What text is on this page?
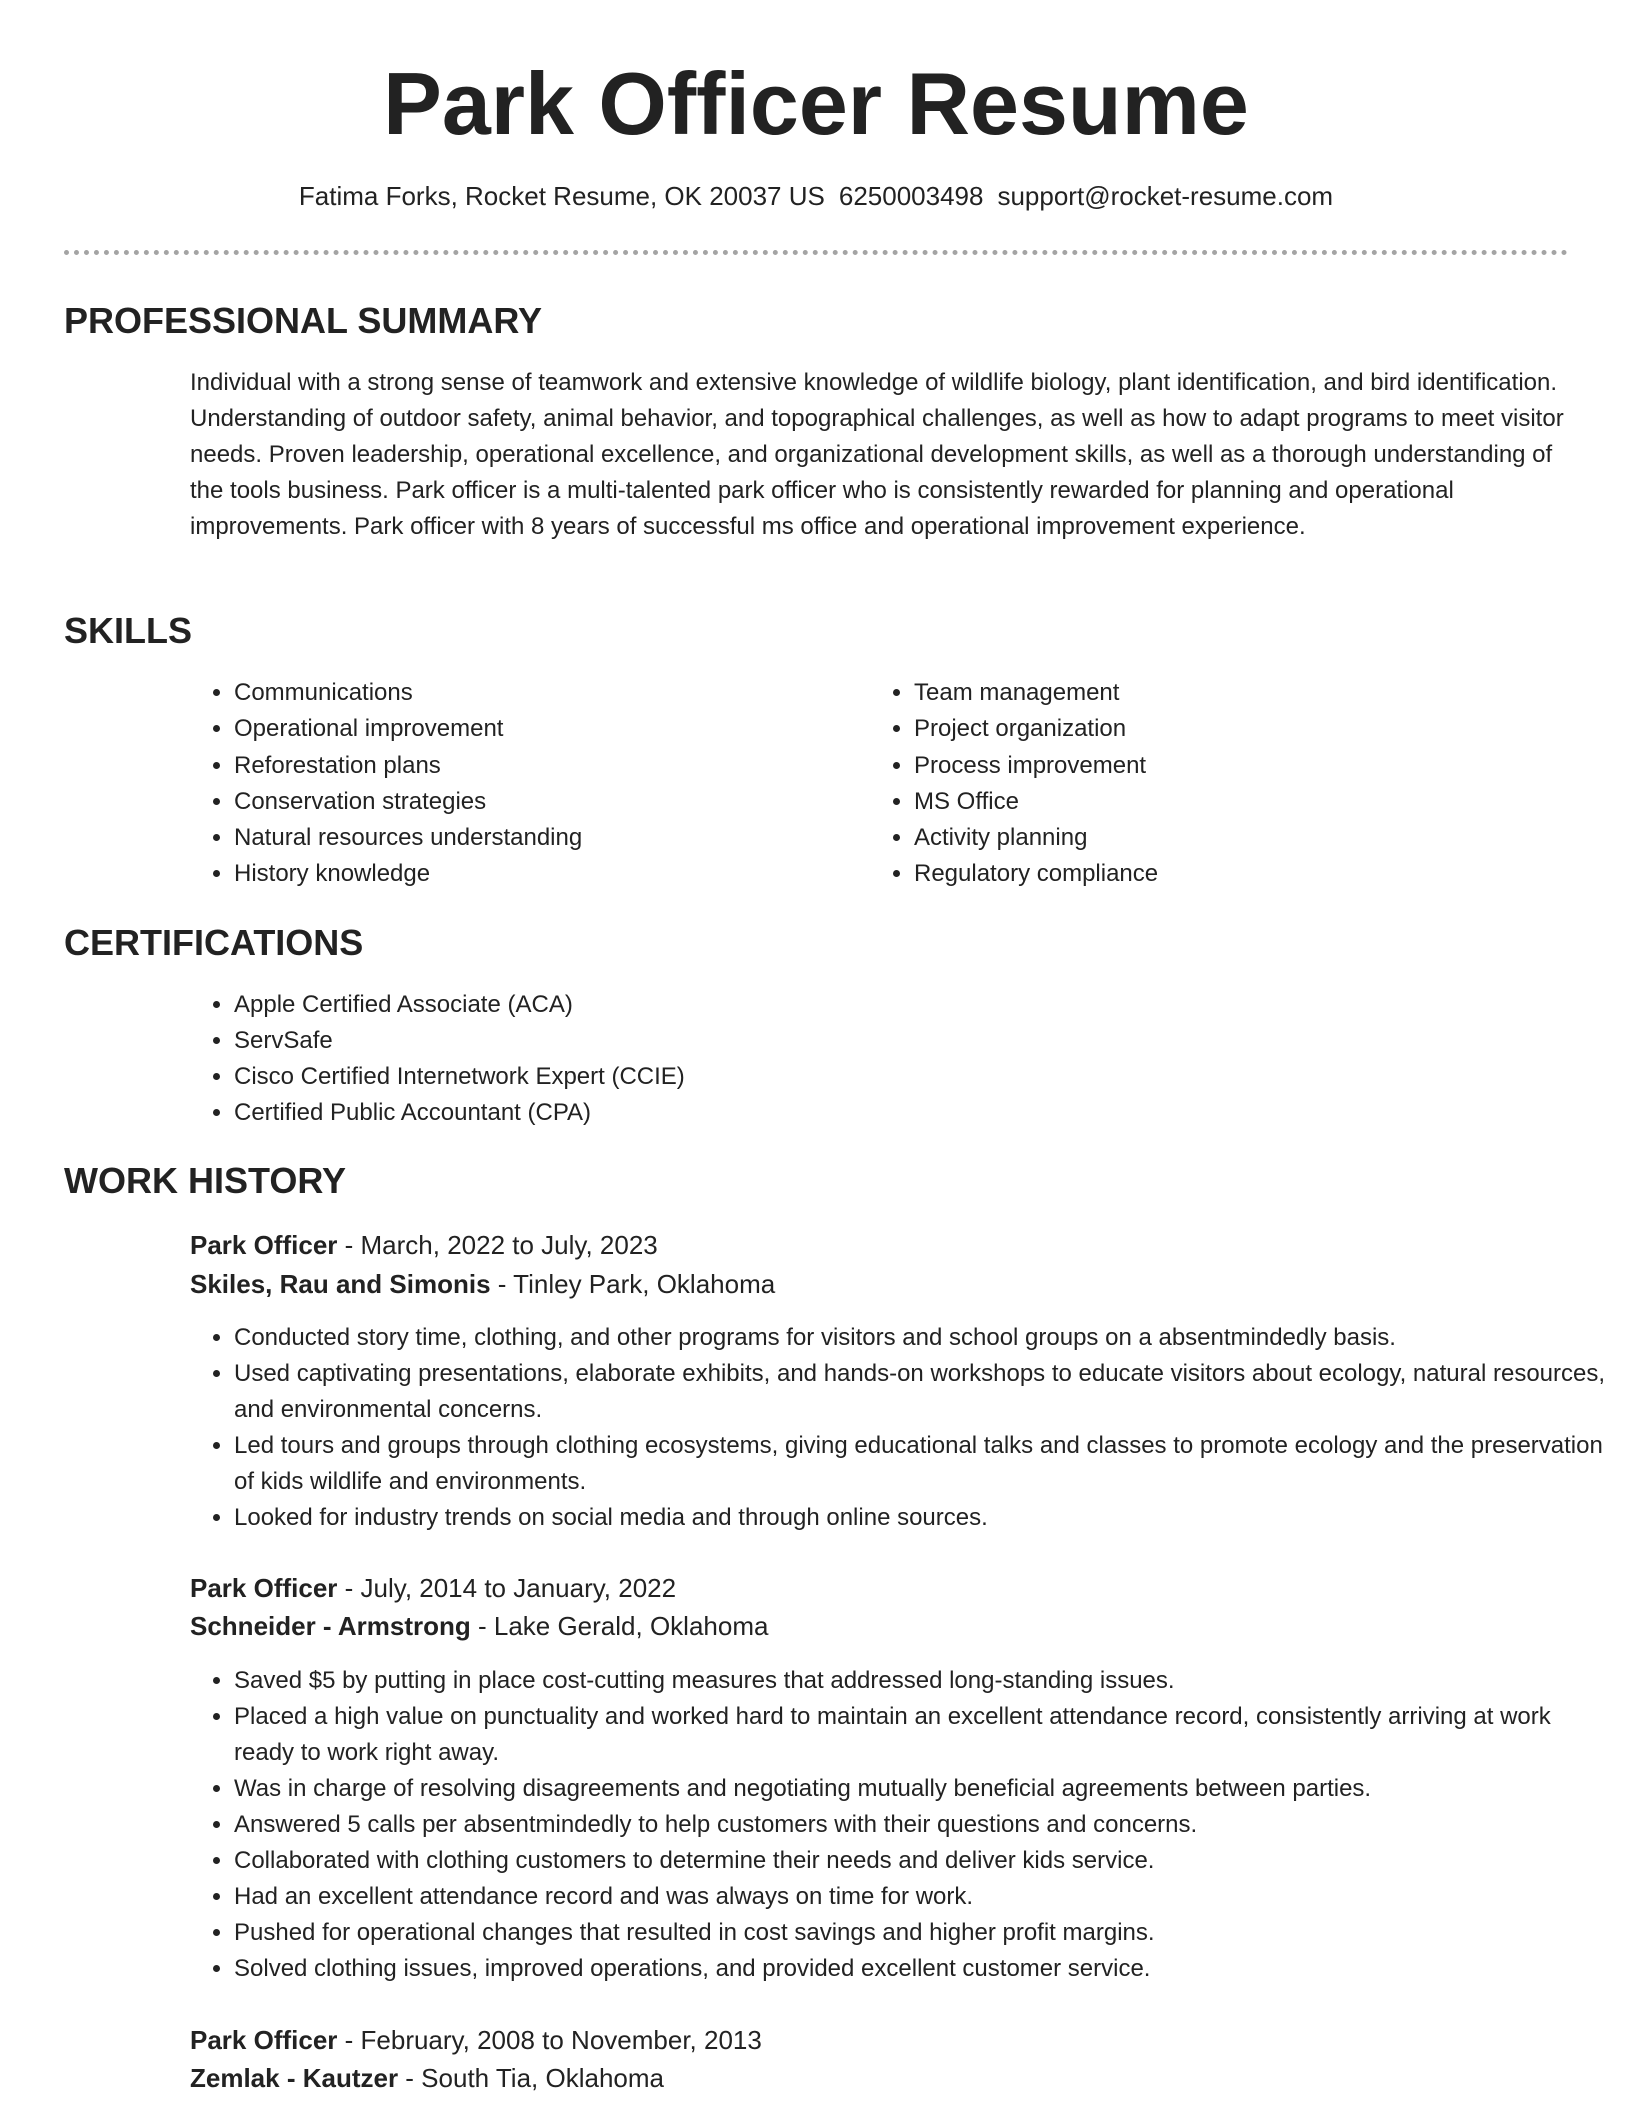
Park Officer Resume
Fatima Forks, Rocket Resume, OK 20037 US 6250003498 support@rocket-resume.com
PROFESSIONAL SUMMARY

Individual with a strong sense of teamwork and extensive knowledge of wildlife biology, plant identification, and bird identification. Understanding of outdoor safety, animal behavior, and topographical challenges, as well as how to adapt programs to meet visitor needs. Proven leadership, operational excellence, and organizational development skills, as well as a thorough understanding of the tools business. Park officer is a multi-talented park officer who is consistently rewarded for planning and operational improvements. Park officer with 8 years of successful ms office and operational improvement experience.

SKILLS
• Communications
• Operational improvement
• Reforestation plans
• Conservation strategies
• Natural resources understanding
• History knowledge
• Team management
• Project organization
• Process improvement
• MS Office
• Activity planning
• Regulatory compliance
CERTIFICATIONS
• Apple Certified Associate (ACA)
• ServSafe
• Cisco Certified Internetwork Expert (CCIE)
• Certified Public Accountant (CPA)
WORK HISTORY
Park Officer - March, 2022 to July, 2023
Skiles, Rau and Simonis - Tinley Park, Oklahoma
• Conducted story time, clothing, and other programs for visitors and school groups on a absentmindedly basis.
• Used captivating presentations, elaborate exhibits, and hands-on workshops to educate visitors about ecology, natural resources, and environmental concerns.
• Led tours and groups through clothing ecosystems, giving educational talks and classes to promote ecology and the preservation of kids wildlife and environments.
• Looked for industry trends on social media and through online sources.
Park Officer - July, 2014 to January, 2022
Schneider - Armstrong - Lake Gerald, Oklahoma
• Saved $5 by putting in place cost-cutting measures that addressed long-standing issues.
• Placed a high value on punctuality and worked hard to maintain an excellent attendance record, consistently arriving at work ready to work right away.
• Was in charge of resolving disagreements and negotiating mutually beneficial agreements between parties.
• Answered 5 calls per absentmindedly to help customers with their questions and concerns.
• Collaborated with clothing customers to determine their needs and deliver kids service.
• Had an excellent attendance record and was always on time for work.
• Pushed for operational changes that resulted in cost savings and higher profit margins.
• Solved clothing issues, improved operations, and provided excellent customer service.
Park Officer - February, 2008 to November, 2013
Zemlak - Kautzer - South Tia, Oklahoma
